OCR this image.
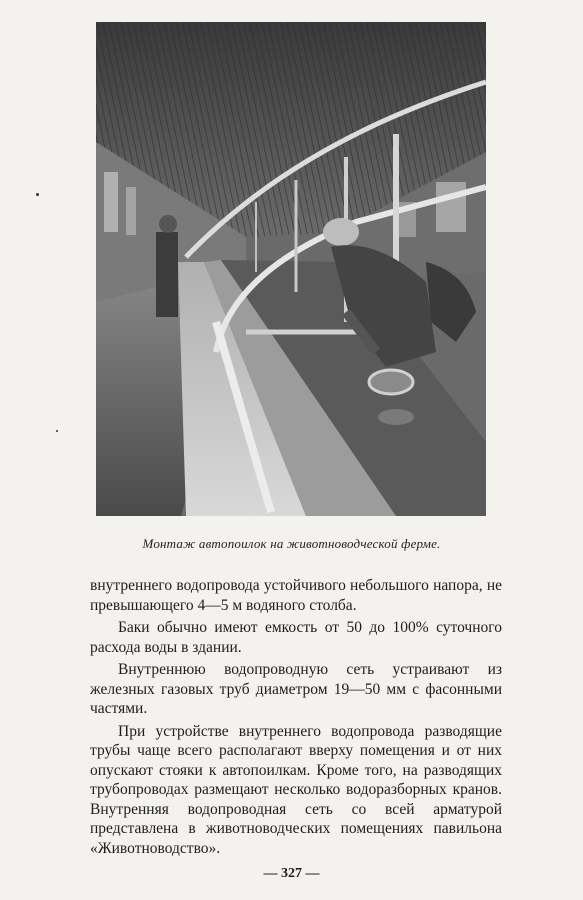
Монтаж автопоилок на животноводческой ферме.

внутреннего водопровода устойчивого небольшого напора, не превышающего 4—5 м водяного столба.

Баки обычно имеют емкость от 50 до 100% суточного расхода воды в здании.

Внутреннюю водопроводную сеть устраивают из железных газовых труб диаметром 19—50 мм с фасонными частями.

При устройстве внутреннего водопровода разводящие трубы чаще всего располагают вверху помещения и от них опускают стояки к автопоилкам. Кроме того, на разводящих трубопроводах размещают несколько водоразборных кранов. Внутренняя водопроводная сеть со всей арматурой представлена в животноводческих помещениях павильона «Животноводство».

— 327 —
